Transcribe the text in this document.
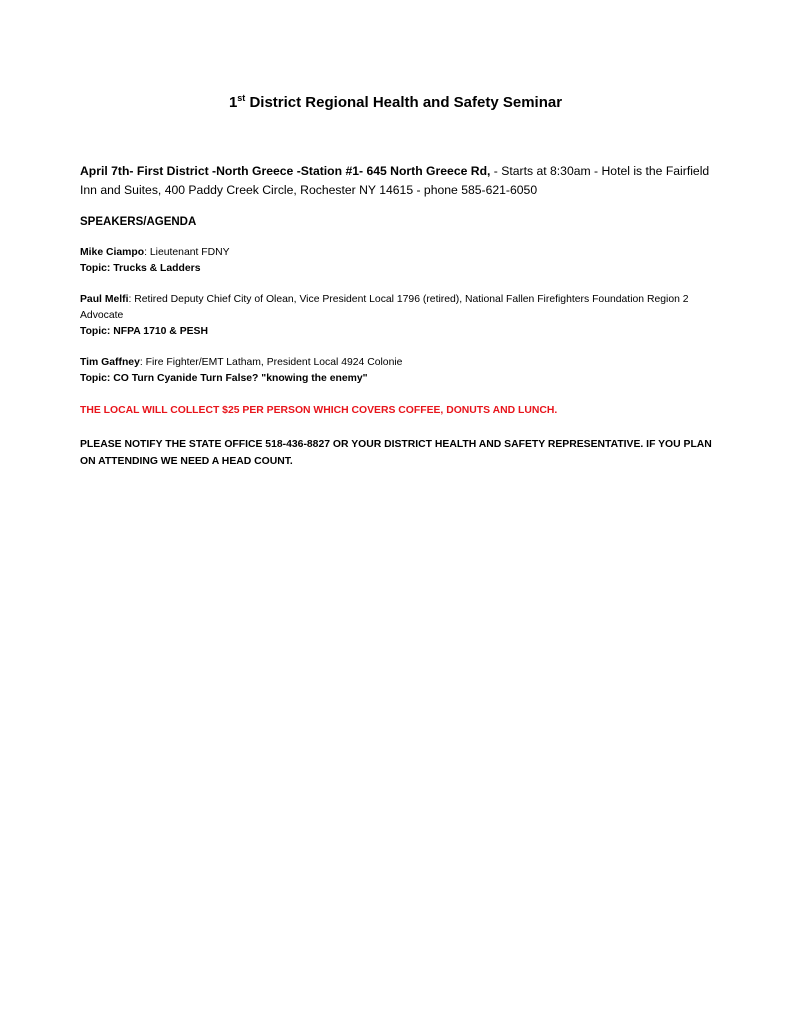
1st District Regional Health and Safety Seminar
April 7th- First District -North Greece -Station #1- 645 North Greece Rd, - Starts at 8:30am - Hotel is the Fairfield Inn and Suites, 400 Paddy Creek Circle, Rochester NY 14615 - phone 585-621-6050
SPEAKERS/AGENDA
Mike Ciampo: Lieutenant FDNY
Topic: Trucks & Ladders
Paul Melfi: Retired Deputy Chief City of Olean, Vice President Local 1796 (retired), National Fallen Firefighters Foundation Region 2 Advocate
Topic: NFPA 1710 & PESH
Tim Gaffney: Fire Fighter/EMT Latham, President Local 4924 Colonie
Topic: CO Turn Cyanide Turn False? "knowing the enemy"
THE LOCAL WILL COLLECT $25 PER PERSON WHICH COVERS COFFEE, DONUTS AND LUNCH.
PLEASE NOTIFY THE STATE OFFICE 518-436-8827 OR YOUR DISTRICT HEALTH AND SAFETY REPRESENTATIVE. IF YOU PLAN ON ATTENDING WE NEED A HEAD COUNT.
